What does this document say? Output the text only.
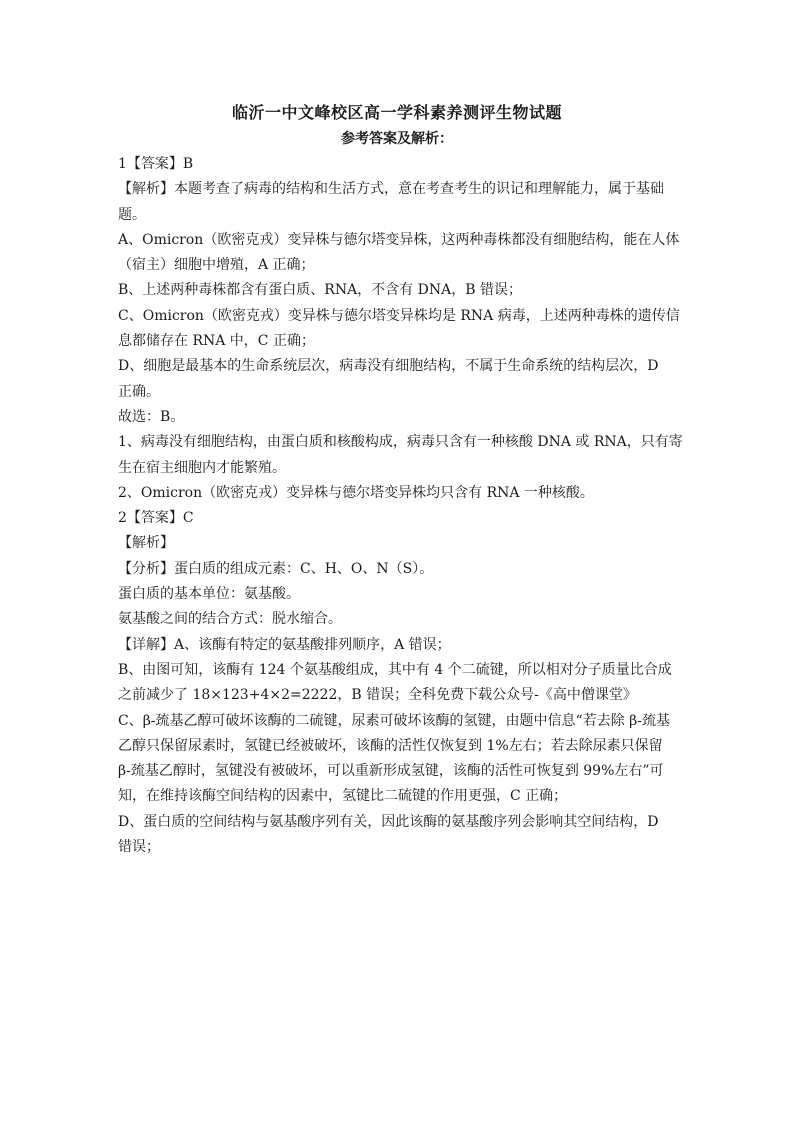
临沂一中文峰校区高一学科素养测评生物试题
参考答案及解析：
1【答案】B
【解析】本题考查了病毒的结构和生活方式，意在考查考生的识记和理解能力，属于基础
题。
A、Omicron（欧密克戎）变异株与德尔塔变异株，这两种毒株都没有细胞结构，能在人体
（宿主）细胞中增殖，A 正确；
B、上述两种毒株都含有蛋白质、RNA，不含有 DNA，B 错误；
C、Omicron（欧密克戎）变异株与德尔塔变异株均是 RNA 病毒，上述两种毒株的遗传信
息都储存在 RNA 中，C 正确；
D、细胞是最基本的生命系统层次，病毒没有细胞结构，不属于生命系统的结构层次，D
正确。
故选：B。
1、病毒没有细胞结构，由蛋白质和核酸构成，病毒只含有一种核酸 DNA 或 RNA，只有寄
生在宿主细胞内才能繁殖。
2、Omicron（欧密克戎）变异株与德尔塔变异株均只含有 RNA 一种核酸。
2【答案】C
【解析】
【分析】蛋白质的组成元素：C、H、O、N（S）。
蛋白质的基本单位：氨基酸。
氨基酸之间的结合方式：脱水缩合。
【详解】A、该酶有特定的氨基酸排列顺序，A 错误；
B、由图可知，该酶有 124 个氨基酸组成，其中有 4 个二硫键，所以相对分子质量比合成
之前减少了 18×123+4×2=2222，B 错误；全科免费下载公众号-《高中僧课堂》
C、β-巯基乙醇可破坏该酶的二硫键，尿素可破坏该酶的氢键，由题中信息“若去除 β-巯基
乙醇只保留尿素时，氢键已经被破坏，该酶的活性仅恢复到 1%左右；若去除尿素只保留
β-巯基乙醇时，氢键没有被破坏，可以重新形成氢键，该酶的活性可恢复到 99%左右”可
知，在维持该酶空间结构的因素中，氢键比二硫键的作用更强，C 正确；
D、蛋白质的空间结构与氨基酸序列有关，因此该酶的氨基酸序列会影响其空间结构，D
错误；
